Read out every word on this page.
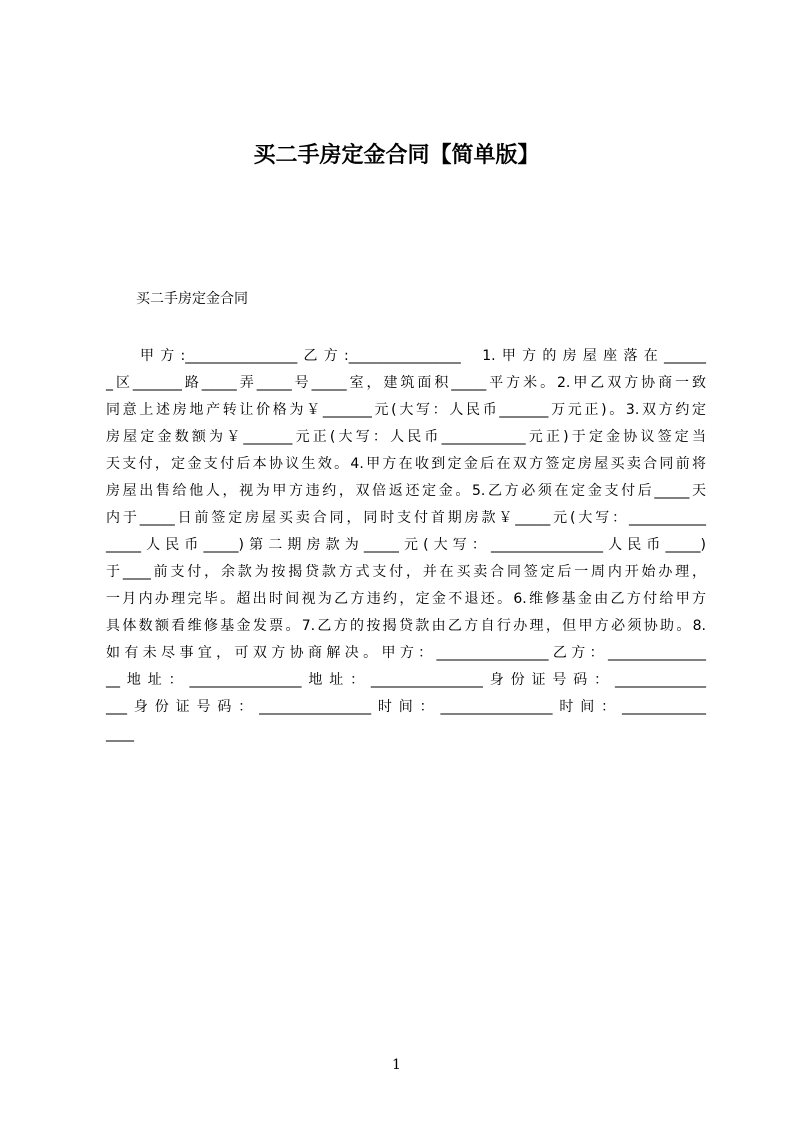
买二手房定金合同【简单版】
买二手房定金合同
甲方:________________乙方:________________  1.甲方的房屋座落在______
_区_______路_____弄_____号_____室，建筑面积_____平方米。2.甲乙双方协商一致
同意上述房地产转让价格为￥_______元(大写：人民币_______万元正)。3.双方约定
房屋定金数额为￥_______元正(大写：人民币____________元正)于定金协议签定当
天支付，定金支付后本协议生效。4.甲方在收到定金后在双方签定房屋买卖合同前将
房屋出售给他人，视为甲方违约，双倍返还定金。5.乙方必须在定金支付后_____天
内于_____日前签定房屋买卖合同，同时支付首期房款￥_____元(大写：___________
_____人民币_____)第二期房款为_____元(大写：________________人民币_____)
于____前支付，余款为按揭贷款方式支付，并在买卖合同签定后一周内开始办理，
一月内办理完毕。超出时间视为乙方违约，定金不退还。6.维修基金由乙方付给甲方
具体数额看维修基金发票。7.乙方的按揭贷款由乙方自行办理，但甲方必须协助。8.
如有未尽事宜，可双方协商解决。甲方：________________乙方：______________
__地址：________________地址：________________身份证号码：_____________
___身份证号码：________________时间：________________时间：____________
____
1
